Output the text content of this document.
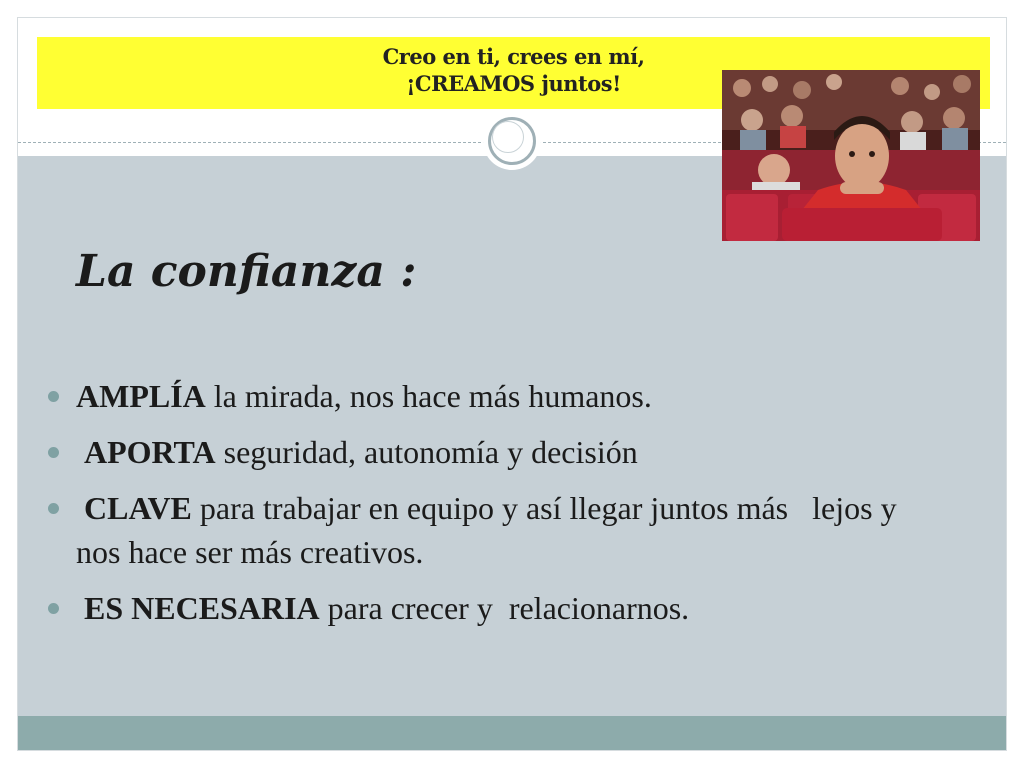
Creo en ti, crees en mí,
¡CREAMOS juntos!
La confianza :
AMPLÍA la mirada, nos hace más humanos.
APORTA seguridad, autonomía y decisión
CLAVE para trabajar en equipo y así llegar juntos más   lejos y  nos hace ser más creativos.
ES NECESARIA para crecer y  relacionarnos.
